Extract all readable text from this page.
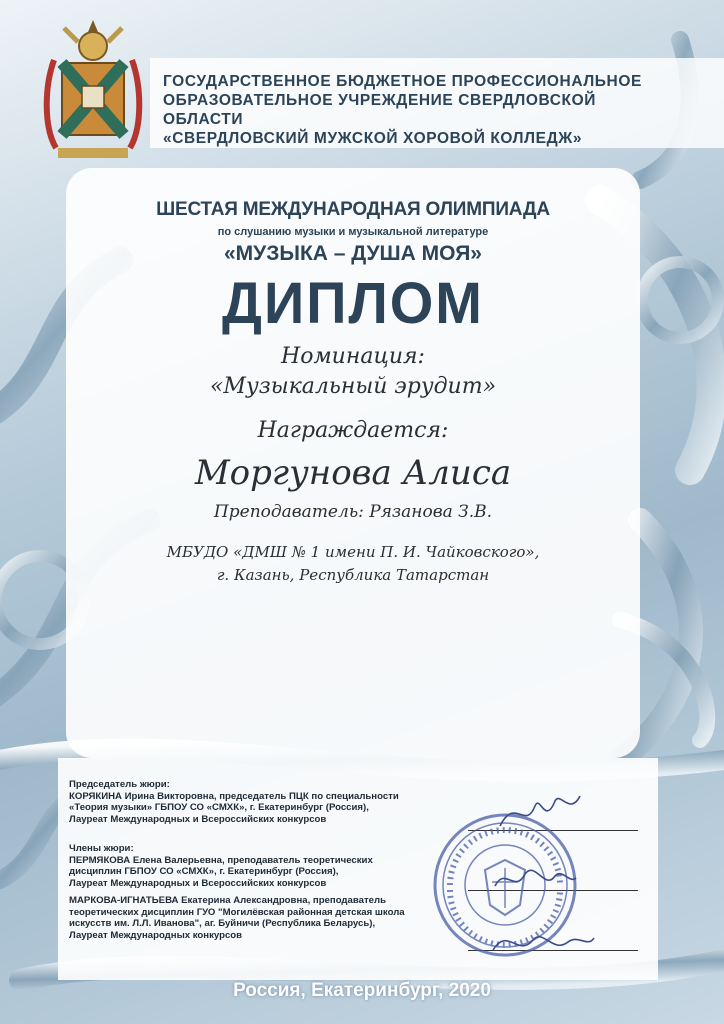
ГОСУДАРСТВЕННОЕ БЮДЖЕТНОЕ ПРОФЕССИОНАЛЬНОЕ
ОБРАЗОВАТЕЛЬНОЕ УЧРЕЖДЕНИЕ СВЕРДЛОВСКОЙ ОБЛАСТИ
«СВЕРДЛОВСКИЙ МУЖСКОЙ ХОРОВОЙ КОЛЛЕДЖ»
ШЕСТАЯ МЕЖДУНАРОДНАЯ ОЛИМПИАДА
по слушанию музыки и музыкальной литературе
«МУЗЫКА – ДУША МОЯ»
ДИПЛОМ
Номинация:
«Музыкальный эрудит»
Награждается:
Моргунова Алиса
Преподаватель: Рязанова З.В.
МБУДО «ДМШ № 1 имени П. И. Чайковского»,
г. Казань, Республика Татарстан
Председатель жюри:
КОРЯКИНА Ирина Викторовна, председатель ПЦК по специальности
«Теория музыки» ГБПОУ СО «СМХК», г. Екатеринбург (Россия),
Лауреат Международных и Всероссийских конкурсов
Члены жюри:
ПЕРМЯКОВА Елена Валерьевна, преподаватель теоретических
дисциплин ГБПОУ СО «СМХК», г. Екатеринбург (Россия),
Лауреат Международных и Всероссийских конкурсов
МАРКОВА-ИГНАТЬЕВА Екатерина Александровна, преподаватель
теоретических дисциплин ГУО "Могилёвская районная детская школа
искусств им. Л.Л. Иванова", аг. Буйничи (Республика Беларусь),
Лауреат Международных конкурсов
Россия, Екатеринбург, 2020
